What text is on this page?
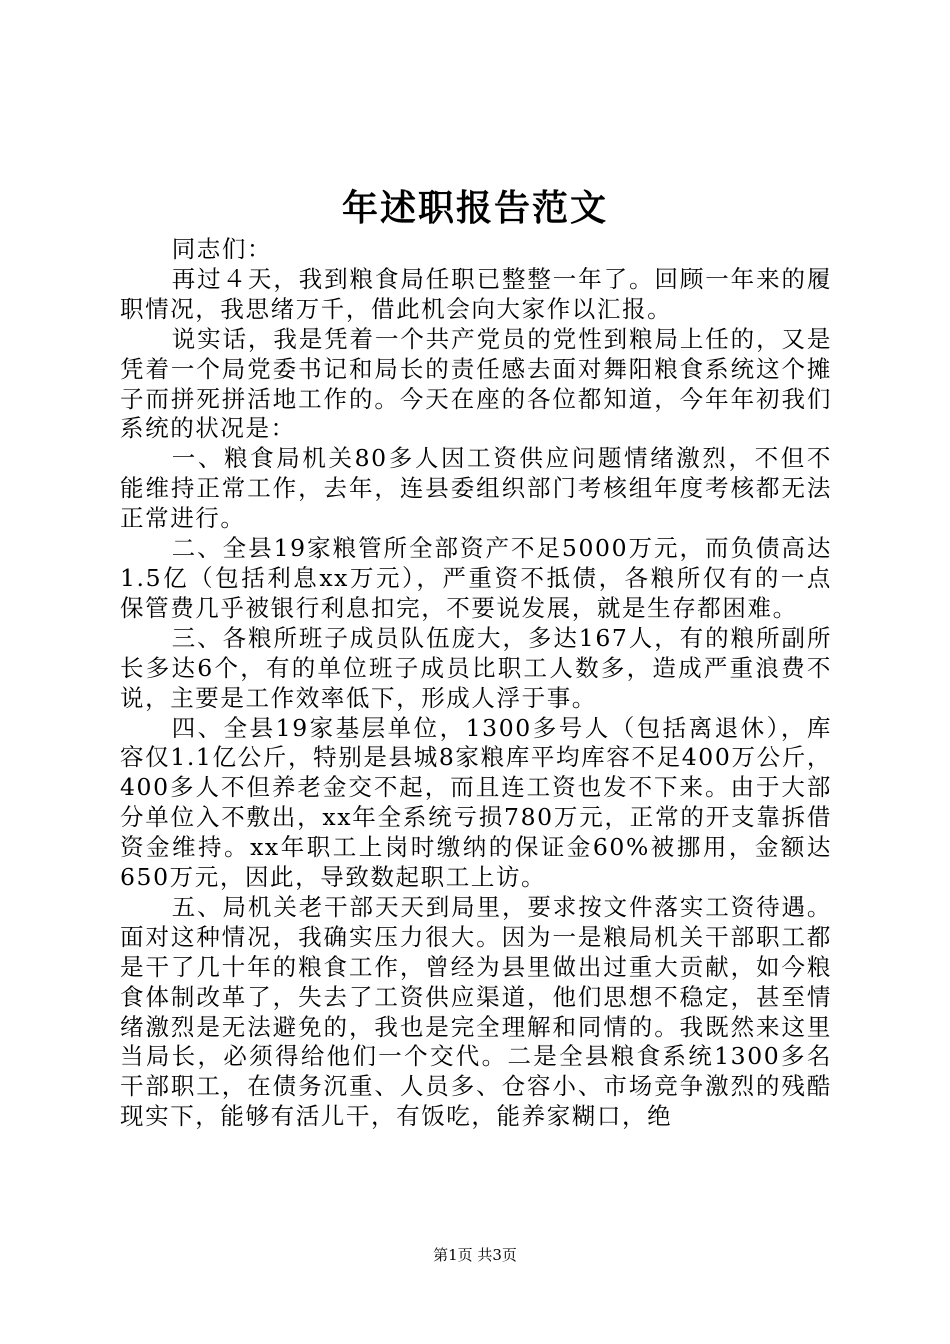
年述职报告范文

同志们：

再过４天，我到粮食局任职已整整一年了。回顾一年来的履职情况，我思绪万千，借此机会向大家作以汇报。

说实话，我是凭着一个共产党员的党性到粮局上任的，又是凭着一个局党委书记和局长的责任感去面对舞阳粮食系统这个摊子而拼死拼活地工作的。今天在座的各位都知道，今年年初我们系统的状况是：

一、粮食局机关80多人因工资供应问题情绪激烈，不但不能维持正常工作，去年，连县委组织部门考核组年度考核都无法正常进行。

二、全县19家粮管所全部资产不足5000万元，而负债高达1.5亿（包括利息xx万元），严重资不抵债，各粮所仅有的一点保管费几乎被银行利息扣完，不要说发展，就是生存都困难。

三、各粮所班子成员队伍庞大，多达167人，有的粮所副所长多达6个，有的单位班子成员比职工人数多，造成严重浪费不说，主要是工作效率低下，形成人浮于事。

四、全县19家基层单位，1300多号人（包括离退休），库容仅1.1亿公斤，特别是县城8家粮库平均库容不足400万公斤，400多人不但养老金交不起，而且连工资也发不下来。由于大部分单位入不敷出，xx年全系统亏损780万元，正常的开支靠拆借资金维持。xx年职工上岗时缴纳的保证金60%被挪用，金额达650万元，因此，导致数起职工上访。

五、局机关老干部天天到局里，要求按文件落实工资待遇。面对这种情况，我确实压力很大。因为一是粮局机关干部职工都是干了几十年的粮食工作，曾经为县里做出过重大贡献，如今粮食体制改革了，失去了工资供应渠道，他们思想不稳定，甚至情绪激烈是无法避免的，我也是完全理解和同情的。我既然来这里当局长，必须得给他们一个交代。二是全县粮食系统1300多名干部职工，在债务沉重、人员多、仓容小、市场竞争激烈的残酷现实下，能够有活儿干，有饭吃，能养家糊口，绝

第1页 共3页
